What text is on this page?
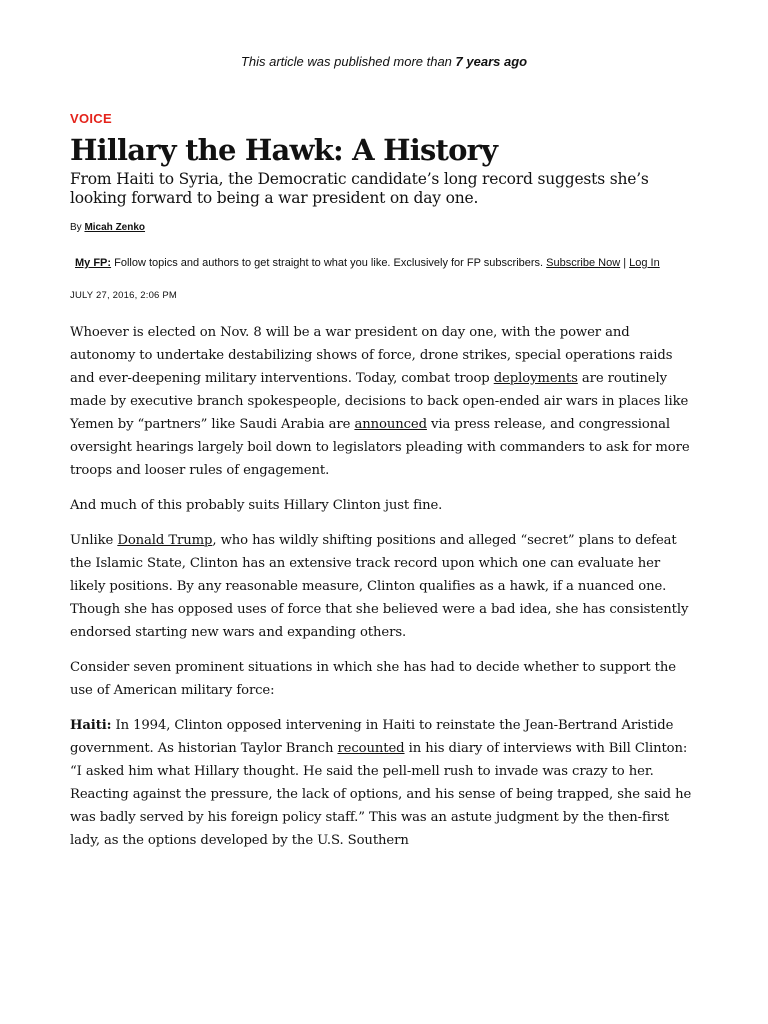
This article was published more than 7 years ago
VOICE
Hillary the Hawk: A History
From Haiti to Syria, the Democratic candidate’s long record suggests she’s looking forward to being a war president on day one.
By Micah Zenko
My FP: Follow topics and authors to get straight to what you like. Exclusively for FP subscribers. Subscribe Now | Log In
JULY 27, 2016, 2:06 PM

Whoever is elected on Nov. 8 will be a war president on day one, with the power and autonomy to undertake destabilizing shows of force, drone strikes, special operations raids and ever-deepening military interventions. Today, combat troop deployments are routinely made by executive branch spokespeople, decisions to back open-ended air wars in places like Yemen by “partners” like Saudi Arabia are announced via press release, and congressional oversight hearings largely boil down to legislators pleading with commanders to ask for more troops and looser rules of engagement.

And much of this probably suits Hillary Clinton just fine.

Unlike Donald Trump, who has wildly shifting positions and alleged “secret” plans to defeat the Islamic State, Clinton has an extensive track record upon which one can evaluate her likely positions. By any reasonable measure, Clinton qualifies as a hawk, if a nuanced one. Though she has opposed uses of force that she believed were a bad idea, she has consistently endorsed starting new wars and expanding others.

Consider seven prominent situations in which she has had to decide whether to support the use of American military force:

Haiti: In 1994, Clinton opposed intervening in Haiti to reinstate the Jean-Bertrand Aristide government. As historian Taylor Branch recounted in his diary of interviews with Bill Clinton: “I asked him what Hillary thought. He said the pell-mell rush to invade was crazy to her. Reacting against the pressure, the lack of options, and his sense of being trapped, she said he was badly served by his foreign policy staff.” This was an astute judgment by the then-first lady, as the options developed by the U.S. Southern
